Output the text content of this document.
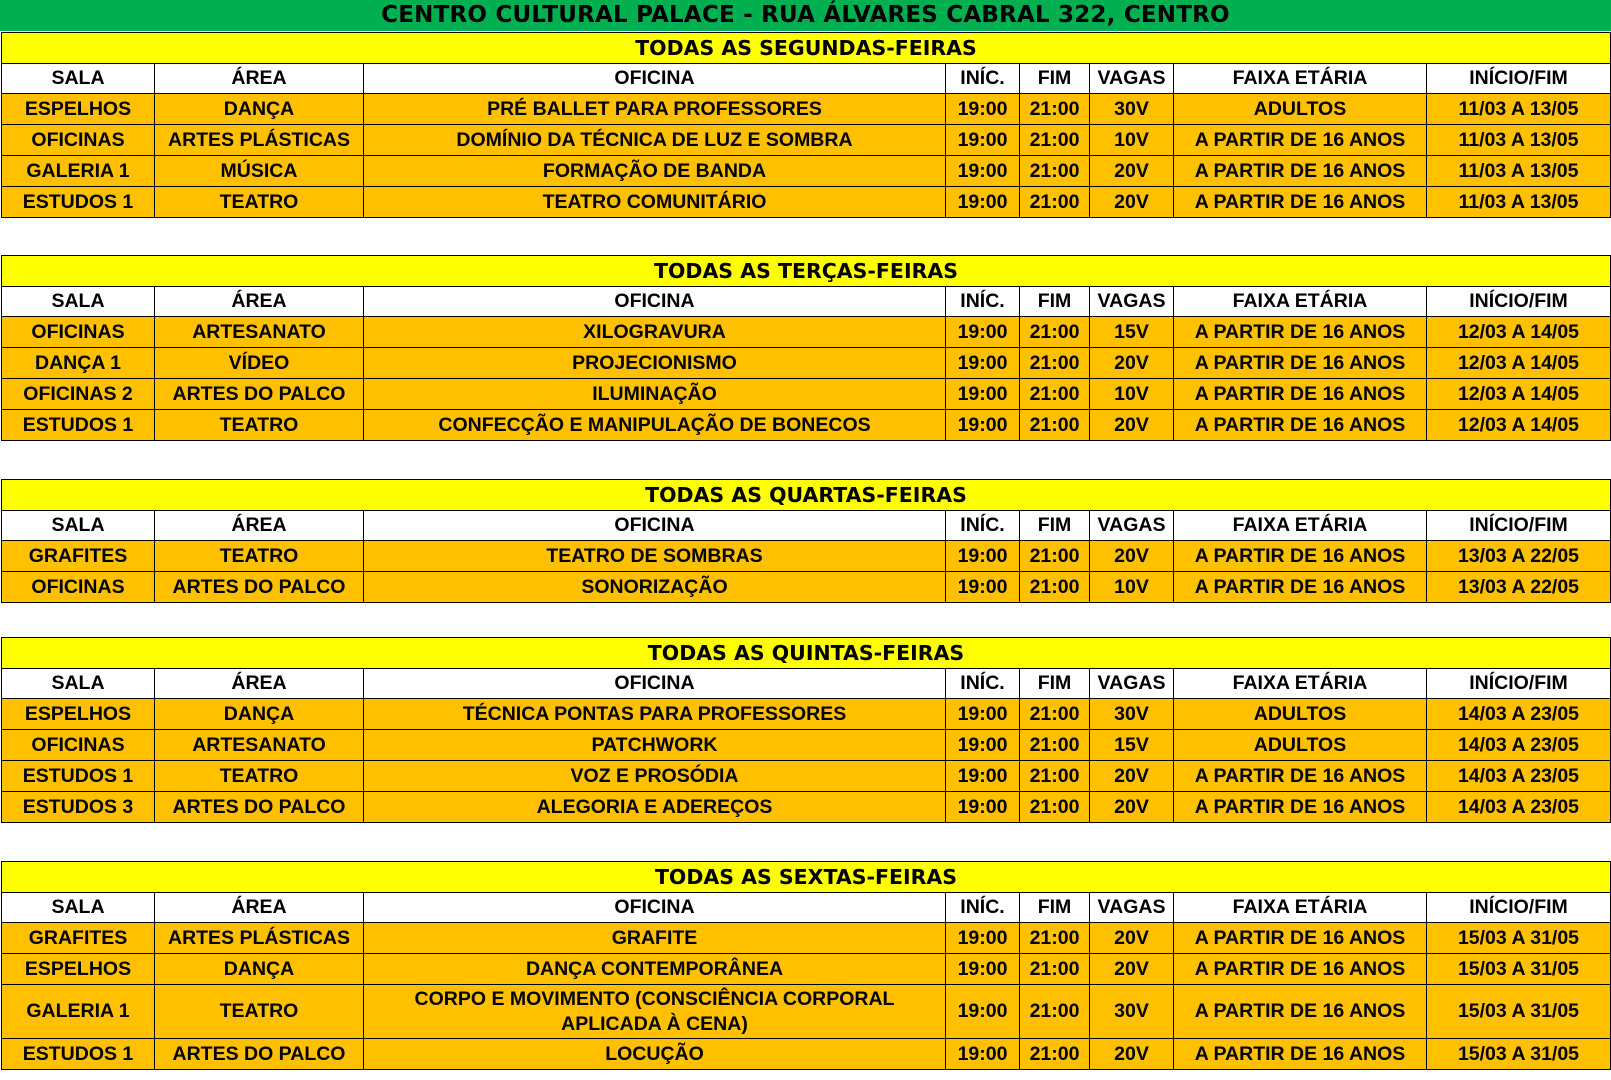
CENTRO CULTURAL PALACE - RUA ÁLVARES CABRAL 322, CENTRO
TODAS AS SEGUNDAS-FEIRAS							
SALA	ÁREA	OFICINA	INÍC.	FIM	VAGAS	FAIXA ETÁRIA	INÍCIO/FIM
ESPELHOS	DANÇA	PRÉ BALLET PARA PROFESSORES	19:00	21:00	30V	ADULTOS	11/03 A 13/05
OFICINAS	ARTES PLÁSTICAS	DOMÍNIO DA TÉCNICA DE LUZ E SOMBRA	19:00	21:00	10V	A PARTIR DE 16 ANOS	11/03 A 13/05
GALERIA 1	MÚSICA	FORMAÇÃO DE BANDA	19:00	21:00	20V	A PARTIR DE 16 ANOS	11/03 A 13/05
ESTUDOS 1	TEATRO	TEATRO COMUNITÁRIO	19:00	21:00	20V	A PARTIR DE 16 ANOS	11/03 A 13/05
TODAS AS TERÇAS-FEIRAS							
SALA	ÁREA	OFICINA	INÍC.	FIM	VAGAS	FAIXA ETÁRIA	INÍCIO/FIM
OFICINAS	ARTESANATO	XILOGRAVURA	19:00	21:00	15V	A PARTIR DE 16 ANOS	12/03 A 14/05
DANÇA 1	VÍDEO	PROJECIONISMO	19:00	21:00	20V	A PARTIR DE 16 ANOS	12/03 A 14/05
OFICINAS 2	ARTES DO PALCO	ILUMINAÇÃO	19:00	21:00	10V	A PARTIR DE 16 ANOS	12/03 A 14/05
ESTUDOS 1	TEATRO	CONFECÇÃO E MANIPULAÇÃO DE BONECOS	19:00	21:00	20V	A PARTIR DE 16 ANOS	12/03 A 14/05
TODAS AS QUARTAS-FEIRAS							
SALA	ÁREA	OFICINA	INÍC.	FIM	VAGAS	FAIXA ETÁRIA	INÍCIO/FIM
GRAFITES	TEATRO	TEATRO DE SOMBRAS	19:00	21:00	20V	A PARTIR DE 16 ANOS	13/03 A 22/05
OFICINAS	ARTES DO PALCO	SONORIZAÇÃO	19:00	21:00	10V	A PARTIR DE 16 ANOS	13/03 A 22/05
TODAS AS QUINTAS-FEIRAS							
SALA	ÁREA	OFICINA	INÍC.	FIM	VAGAS	FAIXA ETÁRIA	INÍCIO/FIM
ESPELHOS	DANÇA	TÉCNICA PONTAS PARA PROFESSORES	19:00	21:00	30V	ADULTOS	14/03 A 23/05
OFICINAS	ARTESANATO	PATCHWORK	19:00	21:00	15V	ADULTOS	14/03 A 23/05
ESTUDOS 1	TEATRO	VOZ E PROSÓDIA	19:00	21:00	20V	A PARTIR DE 16 ANOS	14/03 A 23/05
ESTUDOS 3	ARTES DO PALCO	ALEGORIA E ADEREÇOS	19:00	21:00	20V	A PARTIR DE 16 ANOS	14/03 A 23/05
TODAS AS SEXTAS-FEIRAS							
SALA	ÁREA	OFICINA	INÍC.	FIM	VAGAS	FAIXA ETÁRIA	INÍCIO/FIM
GRAFITES	ARTES PLÁSTICAS	GRAFITE	19:00	21:00	20V	A PARTIR DE 16 ANOS	15/03 A 31/05
ESPELHOS	DANÇA	DANÇA CONTEMPORÂNEA	19:00	21:00	20V	A PARTIR DE 16 ANOS	15/03 A 31/05
GALERIA 1	TEATRO	CORPO E MOVIMENTO (CONSCIÊNCIA CORPORAL APLICADA À CENA)	19:00	21:00	30V	A PARTIR DE 16 ANOS	15/03 A 31/05
ESTUDOS 1	ARTES DO PALCO	LOCUÇÃO	19:00	21:00	20V	A PARTIR DE 16 ANOS	15/03 A 31/05
